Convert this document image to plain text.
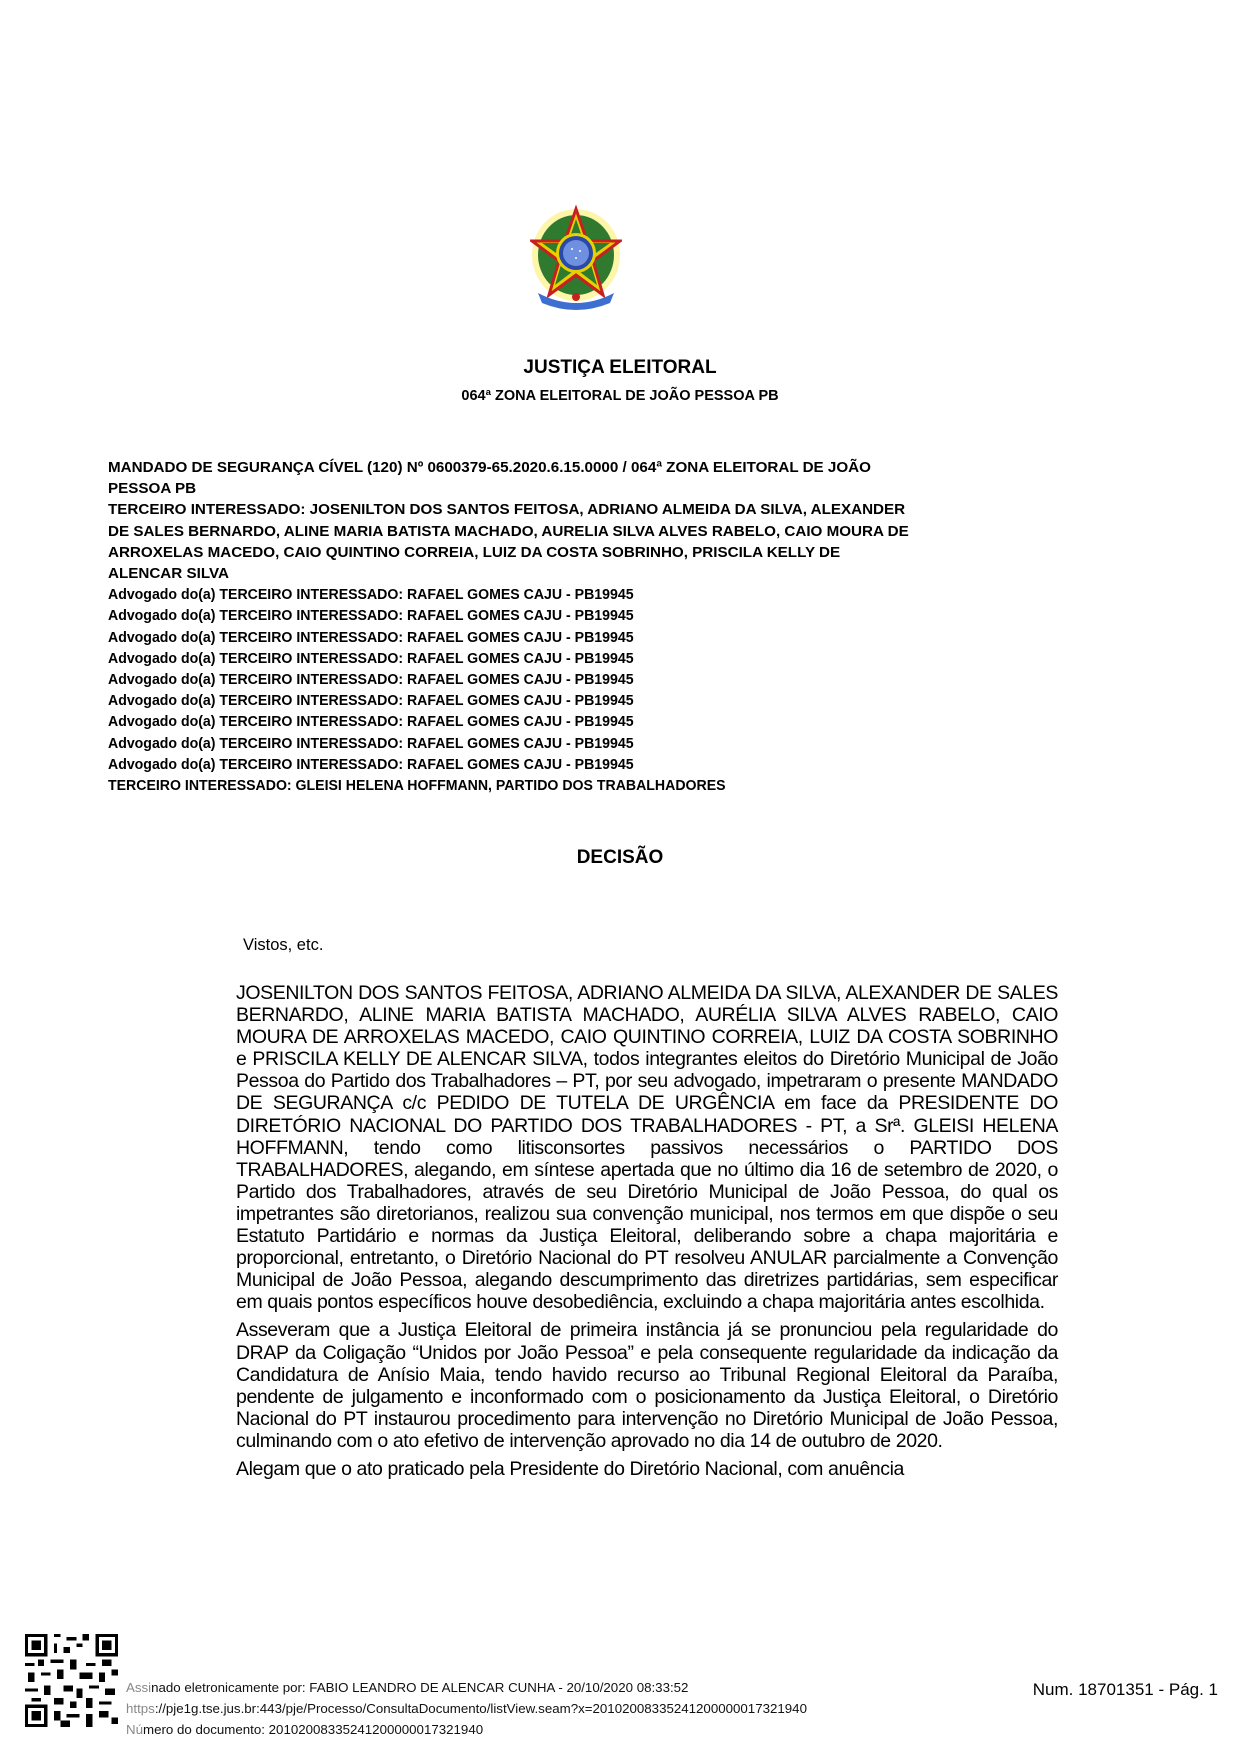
JUSTIÇA ELEITORAL
064ª ZONA ELEITORAL DE JOÃO PESSOA PB
MANDADO DE SEGURANÇA CÍVEL (120) Nº 0600379-65.2020.6.15.0000 / 064ª ZONA ELEITORAL DE JOÃO
PESSOA PB
TERCEIRO INTERESSADO: JOSENILTON DOS SANTOS FEITOSA, ADRIANO ALMEIDA DA SILVA, ALEXANDER
DE SALES BERNARDO, ALINE MARIA BATISTA MACHADO, AURELIA SILVA ALVES RABELO, CAIO MOURA DE
ARROXELAS MACEDO, CAIO QUINTINO CORREIA, LUIZ DA COSTA SOBRINHO, PRISCILA KELLY DE
ALENCAR SILVA
Advogado do(a) TERCEIRO INTERESSADO: RAFAEL GOMES CAJU - PB19945
Advogado do(a) TERCEIRO INTERESSADO: RAFAEL GOMES CAJU - PB19945
Advogado do(a) TERCEIRO INTERESSADO: RAFAEL GOMES CAJU - PB19945
Advogado do(a) TERCEIRO INTERESSADO: RAFAEL GOMES CAJU - PB19945
Advogado do(a) TERCEIRO INTERESSADO: RAFAEL GOMES CAJU - PB19945
Advogado do(a) TERCEIRO INTERESSADO: RAFAEL GOMES CAJU - PB19945
Advogado do(a) TERCEIRO INTERESSADO: RAFAEL GOMES CAJU - PB19945
Advogado do(a) TERCEIRO INTERESSADO: RAFAEL GOMES CAJU - PB19945
Advogado do(a) TERCEIRO INTERESSADO: RAFAEL GOMES CAJU - PB19945
TERCEIRO INTERESSADO: GLEISI HELENA HOFFMANN, PARTIDO DOS TRABALHADORES
DECISÃO
Vistos, etc.

JOSENILTON DOS SANTOS FEITOSA, ADRIANO ALMEIDA DA SILVA, ALEXANDER DE SALES BERNARDO, ALINE MARIA BATISTA MACHADO, AURÉLIA SILVA ALVES RABELO, CAIO MOURA DE ARROXELAS MACEDO, CAIO QUINTINO CORREIA, LUIZ DA COSTA SOBRINHO e PRISCILA KELLY DE ALENCAR SILVA, todos integrantes eleitos do Diretório Municipal de João Pessoa do Partido dos Trabalhadores – PT, por seu advogado, impetraram o presente MANDADO DE SEGURANÇA c/c PEDIDO DE TUTELA DE URGÊNCIA em face da PRESIDENTE DO DIRETÓRIO NACIONAL DO PARTIDO DOS TRABALHADORES - PT, a Srª. GLEISI HELENA HOFFMANN, tendo como litisconsortes passivos necessários o PARTIDO DOS TRABALHADORES, alegando, em síntese apertada que no último dia 16 de setembro de 2020, o Partido dos Trabalhadores, através de seu Diretório Municipal de João Pessoa, do qual os impetrantes são diretorianos, realizou sua convenção municipal, nos termos em que dispõe o seu Estatuto Partidário e normas da Justiça Eleitoral, deliberando sobre a chapa majoritária e proporcional, entretanto, o Diretório Nacional do PT resolveu ANULAR parcialmente a Convenção Municipal de João Pessoa, alegando descumprimento das diretrizes partidárias, sem especificar em quais pontos específicos houve desobediência, excluindo a chapa majoritária antes escolhida.

Asseveram que a Justiça Eleitoral de primeira instância já se pronunciou pela regularidade do DRAP da Coligação “Unidos por João Pessoa” e pela consequente regularidade da indicação da Candidatura de Anísio Maia, tendo havido recurso ao Tribunal Regional Eleitoral da Paraíba, pendente de julgamento e inconformado com o posicionamento da Justiça Eleitoral, o Diretório Nacional do PT instaurou procedimento para intervenção no Diretório Municipal de João Pessoa, culminando com o ato efetivo de intervenção aprovado no dia 14 de outubro de 2020.

Alegam que o ato praticado pela Presidente do Diretório Nacional, com anuência

Assinado eletronicamente por: FABIO LEANDRO DE ALENCAR CUNHA - 20/10/2020 08:33:52
https://pje1g.tse.jus.br:443/pje/Processo/ConsultaDocumento/listView.seam?x=20102008335241200000017321940
Número do documento: 20102008335241200000017321940
Num. 18701351 - Pág. 1
